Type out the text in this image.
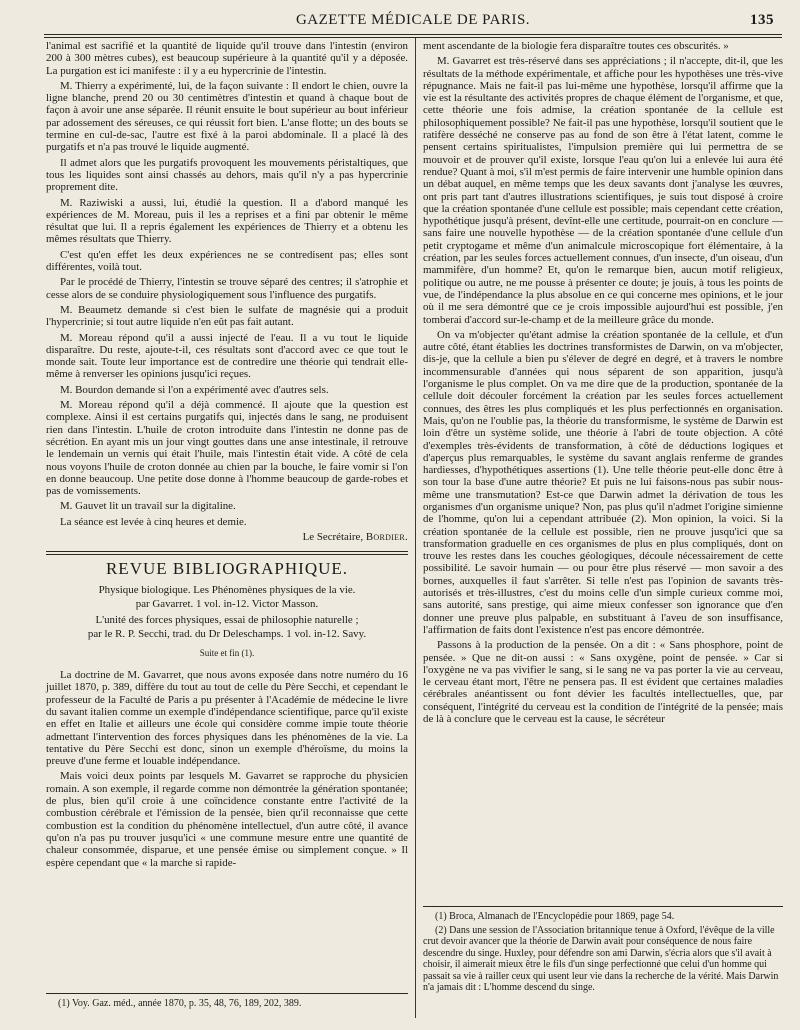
GAZETTE MÉDICALE DE PARIS.	135

l'animal est sacrifié et la quantité de liquide qu'il trouve dans l'intestin (environ 200 à 300 mètres cubes), est beaucoup supérieure à la quantité qu'il y a déposée. La purgation est ici manifeste : il y a eu hypercrinie de l'intestin.

M. Thierry a expérimenté, lui, de la façon suivante : Il endort le chien, ouvre la ligne blanche, prend 20 ou 30 centimètres d'intestin et quand à chaque bout de façon à avoir une anse séparée. Il réunit ensuite le bout supérieur au bout inférieur par adossement des séreuses, ce qui réussit fort bien. L'anse flotte; un des bouts se termine en cul-de-sac, l'autre est fixé à la paroi abdominale. Il a placé là des purgatifs et n'a pas trouvé le liquide augmenté.

Il admet alors que les purgatifs provoquent les mouvements péristaltiques, que tous les liquides sont ainsi chassés au dehors, mais qu'il n'y a pas hypercrinie proprement dite.

M. Raziwiski a aussi, lui, étudié la question. Il a d'abord manqué les expériences de M. Moreau, puis il les a reprises et a fini par obtenir le même résultat que lui. Il a repris également les expériences de Thierry et a obtenu les mêmes résultats que Thierry.

C'est qu'en effet les deux expériences ne se contredisent pas; elles sont différentes, voilà tout.

Par le procédé de Thierry, l'intestin se trouve séparé des centres; il s'atrophie et cesse alors de se conduire physiologiquement sous l'influence des purgatifs.

M. Beaumetz demande si c'est bien le sulfate de magnésie qui a produit l'hypercrinie; si tout autre liquide n'en eût pas fait autant.

M. Moreau répond qu'il a aussi injecté de l'eau. Il a vu tout le liquide disparaître. Du reste, ajoute-t-il, ces résultats sont d'accord avec ce que tout le monde sait. Toute leur importance est de contredire une théorie qui tendrait elle-même à renverser les opinions jusqu'ici reçues.

M. Bourdon demande si l'on a expérimenté avec d'autres sels.

M. Moreau répond qu'il a déjà commencé. Il ajoute que la question est complexe. Ainsi il est certains purgatifs qui, injectés dans le sang, ne produisent rien dans l'intestin. L'huile de croton introduite dans l'intestin ne donne pas de sécrétion. En ayant mis un jour vingt gouttes dans une anse intestinale, il retrouve le lendemain un vernis qui était l'huile, mais l'intestin était vide. A côté de cela nous voyons l'huile de croton donnée au chien par la bouche, le faire vomir si l'on en donne beaucoup. Une petite dose donne à l'homme beaucoup de garde-robes et pas de vomissements.

M. Gauvet lit un travail sur la digitaline.

La séance est levée à cinq heures et demie.

Le Secrétaire, Bordier.

REVUE BIBLIOGRAPHIQUE.
Physique biologique. Les Phénomènes physiques de la vie.
par Gavarret. 1 vol. in-12. Victor Masson.
L'unité des forces physiques, essai de philosophie naturelle ;
par le R. P. Secchi, trad. du Dr Deleschamps. 1 vol. in-12. Savy.
Suite et fin (1).

La doctrine de M. Gavarret, que nous avons exposée dans notre numéro du 16 juillet 1870, p. 389, diffère du tout au tout de celle du Père Secchi, et cependant le professeur de la Faculté de Paris a pu présenter à l'Académie de médecine le livre du savant italien comme un exemple d'indépendance scientifique, parce qu'il existe en effet en Italie et ailleurs une école qui considère comme impie toute théorie admettant l'intervention des forces physiques dans les phénomènes de la vie. La tentative du Père Secchi est donc, sinon un exemple d'héroïsme, du moins la preuve d'une ferme et louable indépendance.

Mais voici deux points par lesquels M. Gavarret se rapproche du physicien romain. A son exemple, il regarde comme non démontrée la génération spontanée; de plus, bien qu'il croie à une coïncidence constante entre l'activité de la combustion cérébrale et l'émission de la pensée, bien qu'il reconnaisse que cette combustion est la condition du phénomène intellectuel, d'un autre côté, il avance qu'on n'a pas pu trouver jusqu'ici « une commune mesure entre une quantité de chaleur consommée, disparue, et une pensée émise ou simplement conçue. » Il espère cependant que « la marche si rapide-

(1) Voy. Gaz. méd., année 1870, p. 35, 48, 76, 189, 202, 389.

ment ascendante de la biologie fera disparaître toutes ces obscurités. »

M. Gavarret est très-réservé dans ses appréciations ; il n'accepte, dit-il, que les résultats de la méthode expérimentale, et affiche pour les hypothèses une très-vive répugnance. Mais ne fait-il pas lui-même une hypothèse, lorsqu'il affirme que la vie est la résultante des activités propres de chaque élément de l'organisme, et que, cette théorie une fois admise, la création spontanée de la cellule est philosophiquement possible? Ne fait-il pas une hypothèse, lorsqu'il soutient que le ratifère desséché ne conserve pas au fond de son être à l'état latent, comme le pensent certains spiritualistes, l'impulsion première qui lui permettra de se mouvoir et de prouver qu'il existe, lorsque l'eau qu'on lui a enlevée lui aura été rendue? Quant à moi, s'il m'est permis de faire intervenir une humble opinion dans un débat auquel, en même temps que les deux savants dont j'analyse les œuvres, ont pris part tant d'autres illustrations scientifiques, je suis tout disposé à croire que la création spontanée d'une cellule est possible; mais cependant cette création, hypothétique jusqu'à présent, devînt-elle une certitude, pourrait-on en conclure — sans faire une nouvelle hypothèse — de la création spontanée d'une cellule d'un petit cryptogame et même d'un animalcule microscopique fort élémentaire, à la création, par les seules forces actuellement connues, d'un insecte, d'un oiseau, d'un mammifère, d'un homme? Et, qu'on le remarque bien, aucun motif religieux, politique ou autre, ne me pousse à présenter ce doute; je jouis, à tous les points de vue, de l'indépendance la plus absolue en ce qui concerne mes opinions, et le jour où il me sera démontré que ce je crois impossible aujourd'hui est possible, j'en tomberai d'accord sur-le-champ et de la meilleure grâce du monde.

On va m'objecter qu'étant admise la création spontanée de la cellule, et d'un autre côté, étant établies les doctrines transformistes de Darwin, on va m'objecter, dis-je, que la cellule a bien pu s'élever de degré en degré, et à travers le nombre incommensurable d'années qui nous séparent de son apparition, jusqu'à l'organisme le plus complet. On va me dire que de la production, spontanée de la cellule doit découler forcément la création par les seules forces actuellement connues, des êtres les plus compliqués et les plus perfectionnés en organisation. Mais, qu'on ne l'oublie pas, la théorie du transformisme, le système de Darwin est loin d'être un système solide, une théorie à l'abri de toute objection. A côté d'exemples très-évidents de transformation, à côté de déductions logiques et d'aperçus plus remarquables, le système du savant anglais renferme de grandes hardiesses, d'hypothétiques assertions (1). Une telle théorie peut-elle donc être à son tour la base d'une autre théorie? Et puis ne lui faisons-nous pas subir nous-même une transmutation? Est-ce que Darwin admet la dérivation de tous les organismes d'un organisme unique? Non, pas plus qu'il n'admet l'origine simienne de l'homme, qu'on lui a cependant attribuée (2). Mon opinion, la voici. Si la création spontanée de la cellule est possible, rien ne prouve jusqu'ici que sa transformation graduelle en ces organismes de plus en plus compliqués, dont on trouve les restes dans les couches géologiques, découle nécessairement de cette possibilité. Le savoir humain — ou pour être plus réservé — mon savoir a des bornes, auxquelles il faut s'arrêter. Si telle n'est pas l'opinion de savants très-autorisés et très-illustres, c'est du moins celle d'un simple curieux comme moi, sans autorité, sans prestige, qui aime mieux confesser son ignorance que d'en donner une preuve plus palpable, en substituant à l'aveu de son insuffisance, l'affirmation de faits dont l'existence n'est pas encore démontrée.

Passons à la production de la pensée. On a dit : « Sans phosphore, point de pensée. » Que ne dit-on aussi : « Sans oxygène, point de pensée. » Car si l'oxygène ne va pas vivifier le sang, si le sang ne va pas porter la vie au cerveau, le cerveau étant mort, l'être ne pensera pas. Il est évident que certaines maladies cérébrales anéantissent ou font dévier les facultés intellectuelles, que, par conséquent, l'intégrité du cerveau est la condition de l'intégrité de la pensée; mais de là à conclure que le cerveau est la cause, le sécréteur

(1) Broca, Almanach de l'Encyclopédie pour 1869, page 54.

(2) Dans une session de l'Association britannique tenue à Oxford, l'évêque de la ville crut devoir avancer que la théorie de Darwin avait pour conséquence de nous faire descendre du singe. Huxley, pour défendre son ami Darwin, s'écria alors que s'il avait à choisir, il aimerait mieux être le fils d'un singe perfectionné que celui d'un homme qui passait sa vie à railler ceux qui usent leur vie dans la recherche de la vérité. Mais Darwin n'a jamais dit : L'homme descend du singe.
